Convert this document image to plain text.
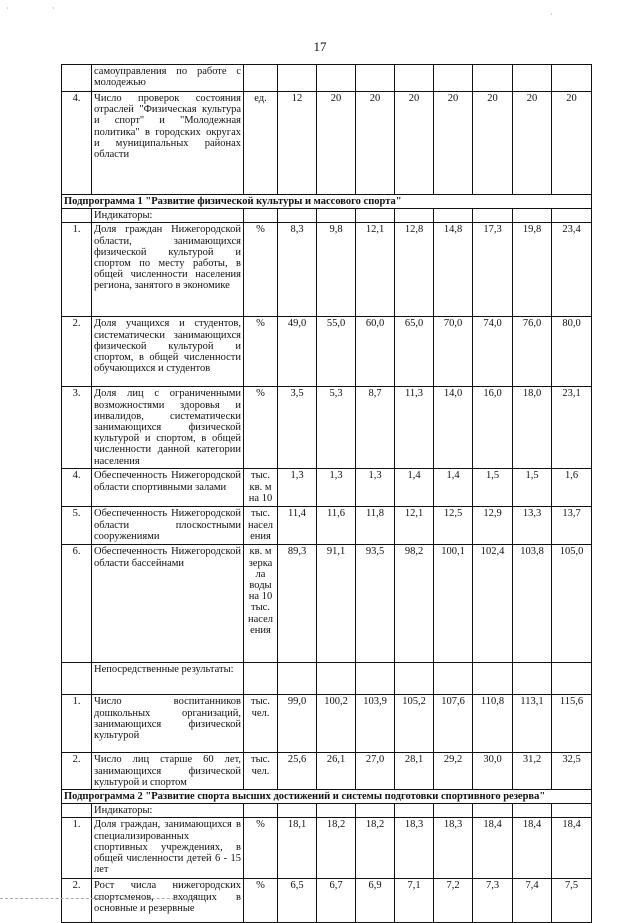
·	·
·
17
	самоуправления по работе с молодежью									
4.	Число проверок состояния отраслей "Физическая культура и спорт" и "Молодежная политика" в городских округах и муниципальных районах области	ед.	12	20	20	20	20	20	20	20
Подпрограмма 1 "Развитие физической культуры и массового спорта"										
	Индикаторы:									
1.	Доля граждан Нижегородской области, занимающихся физической культурой и спортом по месту работы, в общей численности населения региона, занятого в экономике	%	8,3	9,8	12,1	12,8	14,8	17,3	19,8	23,4
2.	Доля учащихся и студентов, систематически занимающихся физической культурой и спортом, в общей численности обучающихся и студентов	%	49,0	55,0	60,0	65,0	70,0	74,0	76,0	80,0
3.	Доля лиц с ограниченными возможностями здоровья и инвалидов, систематически занимающихся физической культурой и спортом, в общей численности данной категории населения	%	3,5	5,3	8,7	11,3	14,0	16,0	18,0	23,1
4.	Обеспеченность Нижегородской области спортивными залами	тыс. кв. м на 10	1,3	1,3	1,3	1,4	1,4	1,5	1,5	1,6
5.	Обеспеченность Нижегородской области плоскостными сооружениями	тыс. насел ения	11,4	11,6	11,8	12,1	12,5	12,9	13,3	13,7
6.	Обеспеченность Нижегородской области бассейнами	кв. м зерка ла воды на 10 тыс. насел ения	89,3	91,1	93,5	98,2	100,1	102,4	103,8	105,0
	Непосредственные результаты:									
1.	Число воспитанников дошкольных организаций, занимающихся физической культурой	тыс. чел.	99,0	100,2	103,9	105,2	107,6	110,8	113,1	115,6
2.	Число лиц старше 60 лет, занимающихся физической культурой и спортом	тыс. чел.	25,6	26,1	27,0	28,1	29,2	30,0	31,2	32,5
Подпрограмма 2 "Развитие спорта высших достижений и системы подготовки спортивного резерва"										
	Индикаторы:									
1.	Доля граждан, занимающихся в специализированных спортивных учреждениях, в общей численности детей 6 - 15 лет	%	18,1	18,2	18,2	18,3	18,3	18,4	18,4	18,4
2.	Рост числа нижегородских спортсменов, входящих в основные и резервные	%	6,5	6,7	6,9	7,1	7,2	7,3	7,4	7,5
